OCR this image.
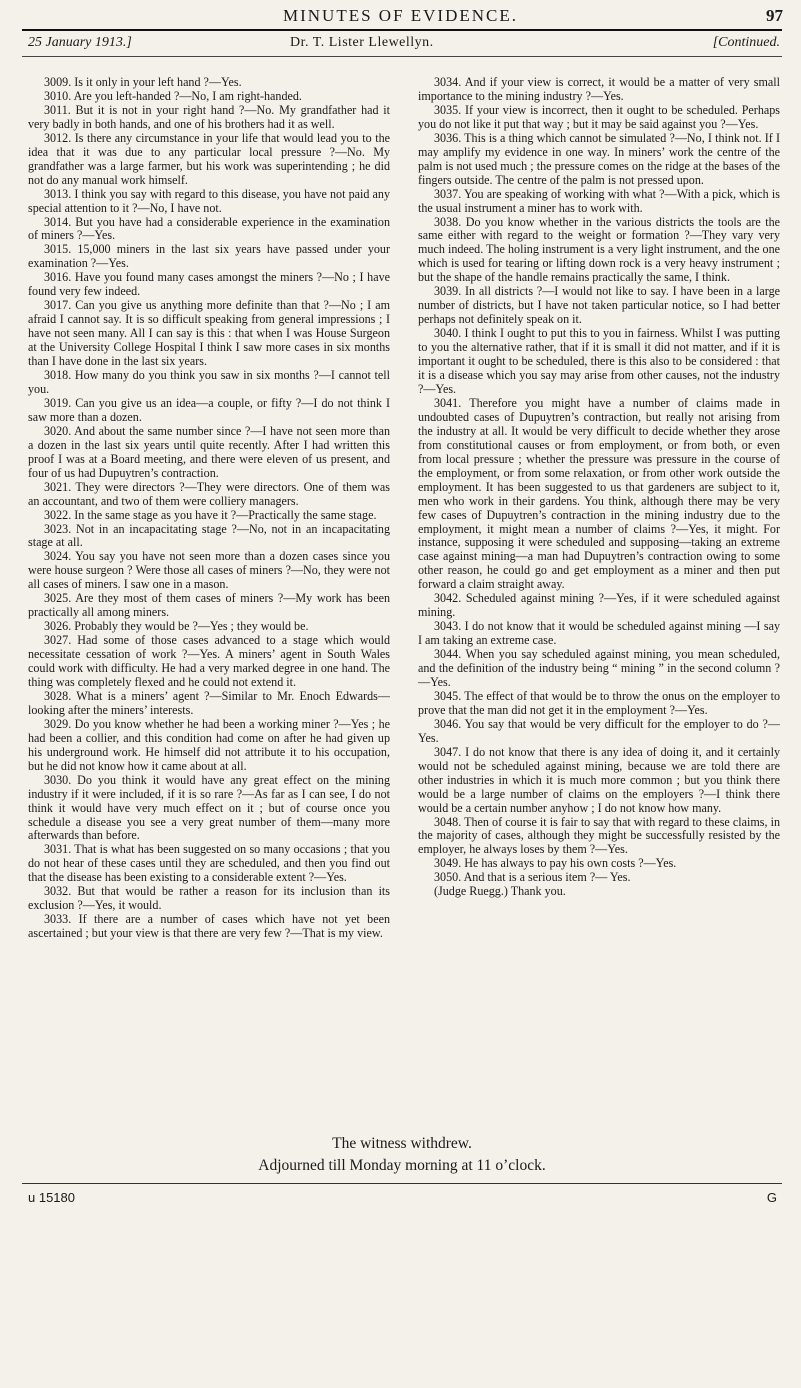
MINUTES OF EVIDENCE.	97
25 January 1913.]	Dr. T. Lister Llewellyn.	[Continued.

3009. Is it only in your left hand ?—Yes.

3010. Are you left-handed ?—No, I am right-handed.

3011. But it is not in your right hand ?—No. My grandfather had it very badly in both hands, and one of his brothers had it as well.

3012. Is there any circumstance in your life that would lead you to the idea that it was due to any particular local pressure ?—No. My grandfather was a large farmer, but his work was superintending ; he did not do any manual work himself.

3013. I think you say with regard to this disease, you have not paid any special attention to it ?—No, I have not.

3014. But you have had a considerable experience in the examination of miners ?—Yes.

3015. 15,000 miners in the last six years have passed under your examination ?—Yes.

3016. Have you found many cases amongst the miners ?—No ; I have found very few indeed.

3017. Can you give us anything more definite than that ?—No ; I am afraid I cannot say. It is so difficult speaking from general impressions ; I have not seen many. All I can say is this : that when I was House Surgeon at the University College Hospital I think I saw more cases in six months than I have done in the last six years.

3018. How many do you think you saw in six months ?—I cannot tell you.

3019. Can you give us an idea—a couple, or fifty ?—I do not think I saw more than a dozen.

3020. And about the same number since ?—I have not seen more than a dozen in the last six years until quite recently. After I had written this proof I was at a Board meeting, and there were eleven of us present, and four of us had Dupuytren’s contraction.

3021. They were directors ?—They were directors. One of them was an accountant, and two of them were colliery managers.

3022. In the same stage as you have it ?—Practically the same stage.

3023. Not in an incapacitating stage ?—No, not in an incapacitating stage at all.

3024. You say you have not seen more than a dozen cases since you were house surgeon ? Were those all cases of miners ?—No, they were not all cases of miners. I saw one in a mason.

3025. Are they most of them cases of miners ?—My work has been practically all among miners.

3026. Probably they would be ?—Yes ; they would be.

3027. Had some of those cases advanced to a stage which would necessitate cessation of work ?—Yes. A miners’ agent in South Wales could work with difficulty. He had a very marked degree in one hand. The thing was completely flexed and he could not extend it.

3028. What is a miners’ agent ?—Similar to Mr. Enoch Edwards—looking after the miners’ interests.

3029. Do you know whether he had been a working miner ?—Yes ; he had been a collier, and this condition had come on after he had given up his underground work. He himself did not attribute it to his occupation, but he did not know how it came about at all.

3030. Do you think it would have any great effect on the mining industry if it were included, if it is so rare ?—As far as I can see, I do not think it would have very much effect on it ; but of course once you schedule a disease you see a very great number of them—many more afterwards than before.

3031. That is what has been suggested on so many occasions ; that you do not hear of these cases until they are scheduled, and then you find out that the disease has been existing to a considerable extent ?—Yes.

3032. But that would be rather a reason for its inclusion than its exclusion ?—Yes, it would.

3033. If there are a number of cases which have not yet been ascertained ; but your view is that there are very few ?—That is my view.

3034. And if your view is correct, it would be a matter of very small importance to the mining industry ?—Yes.

3035. If your view is incorrect, then it ought to be scheduled. Perhaps you do not like it put that way ; but it may be said against you ?—Yes.

3036. This is a thing which cannot be simulated ?—No, I think not. If I may amplify my evidence in one way. In miners’ work the centre of the palm is not used much ; the pressure comes on the ridge at the bases of the fingers outside. The centre of the palm is not pressed upon.

3037. You are speaking of working with what ?—With a pick, which is the usual instrument a miner has to work with.

3038. Do you know whether in the various districts the tools are the same either with regard to the weight or formation ?—They vary very much indeed. The holing instrument is a very light instrument, and the one which is used for tearing or lifting down rock is a very heavy instrument ; but the shape of the handle remains practically the same, I think.

3039. In all districts ?—I would not like to say. I have been in a large number of districts, but I have not taken particular notice, so I had better perhaps not definitely speak on it.

3040. I think I ought to put this to you in fairness. Whilst I was putting to you the alternative rather, that if it is small it did not matter, and if it is important it ought to be scheduled, there is this also to be considered : that it is a disease which you say may arise from other causes, not the industry ?—Yes.

3041. Therefore you might have a number of claims made in undoubted cases of Dupuytren’s contraction, but really not arising from the industry at all. It would be very difficult to decide whether they arose from constitutional causes or from employment, or from both, or even from local pressure ; whether the pressure was pressure in the course of the employment, or from some relaxation, or from other work outside the employment. It has been suggested to us that gardeners are subject to it, men who work in their gardens. You think, although there may be very few cases of Dupuytren’s contraction in the mining industry due to the employment, it might mean a number of claims ?—Yes, it might. For instance, supposing it were scheduled and supposing—taking an extreme case against mining—a man had Dupuytren’s contraction owing to some other reason, he could go and get employment as a miner and then put forward a claim straight away.

3042. Scheduled against mining ?—Yes, if it were scheduled against mining.

3043. I do not know that it would be scheduled against mining —I say I am taking an extreme case.

3044. When you say scheduled against mining, you mean scheduled, and the definition of the industry being “ mining ” in the second column ?—Yes.

3045. The effect of that would be to throw the onus on the employer to prove that the man did not get it in the employment ?—Yes.

3046. You say that would be very difficult for the employer to do ?—Yes.

3047. I do not know that there is any idea of doing it, and it certainly would not be scheduled against mining, because we are told there are other industries in which it is much more common ; but you think there would be a large number of claims on the employers ?—I think there would be a certain number anyhow ; I do not know how many.

3048. Then of course it is fair to say that with regard to these claims, in the majority of cases, although they might be successfully resisted by the employer, he always loses by them ?—Yes.

3049. He has always to pay his own costs ?—Yes.

3050. And that is a serious item ?— Yes.

(Judge Ruegg.) Thank you.

The witness withdrew.
Adjourned till Monday morning at 11 o’clock.
u 15180	G
